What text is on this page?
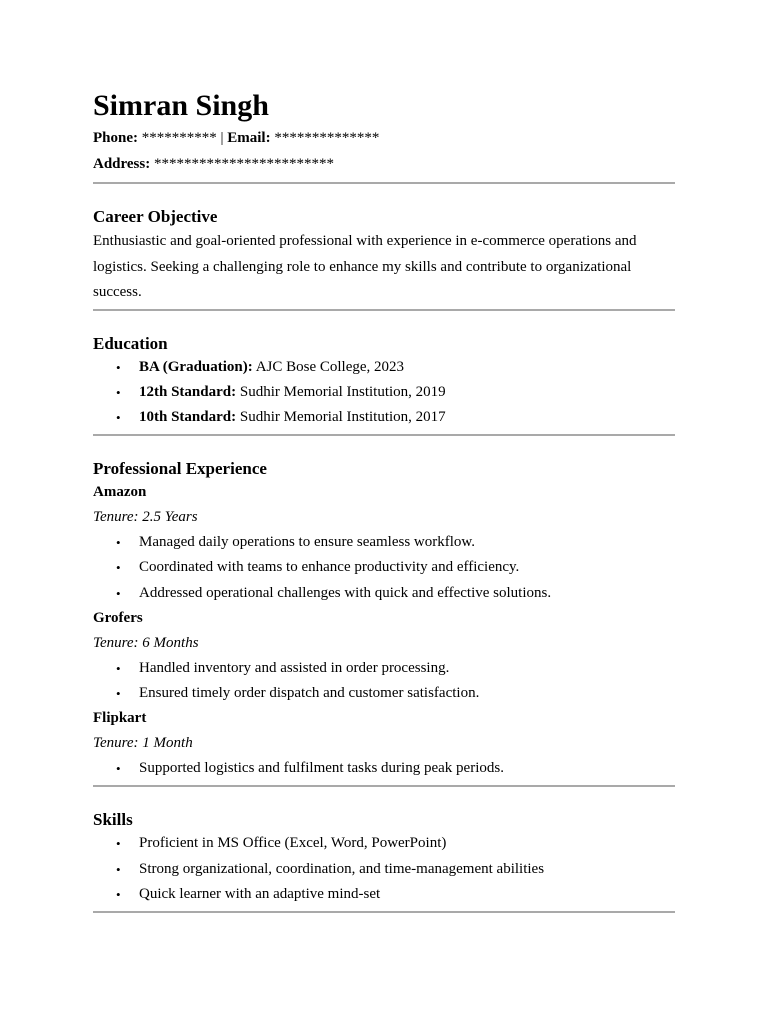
Simran Singh
Phone: ********** | Email: **************
Address: ************************
Career Objective

Enthusiastic and goal-oriented professional with experience in e-commerce operations and logistics. Seeking a challenging role to enhance my skills and contribute to organizational success.

Education
• BA (Graduation): AJC Bose College, 2023
• 12th Standard: Sudhir Memorial Institution, 2019
• 10th Standard: Sudhir Memorial Institution, 2017
Professional Experience
Amazon
Tenure: 2.5 Years
• Managed daily operations to ensure seamless workflow.
• Coordinated with teams to enhance productivity and efficiency.
• Addressed operational challenges with quick and effective solutions.
Grofers
Tenure: 6 Months
• Handled inventory and assisted in order processing.
• Ensured timely order dispatch and customer satisfaction.
Flipkart
Tenure: 1 Month
• Supported logistics and fulfilment tasks during peak periods.
Skills
• Proficient in MS Office (Excel, Word, PowerPoint)
• Strong organizational, coordination, and time-management abilities
• Quick learner with an adaptive mind-set
